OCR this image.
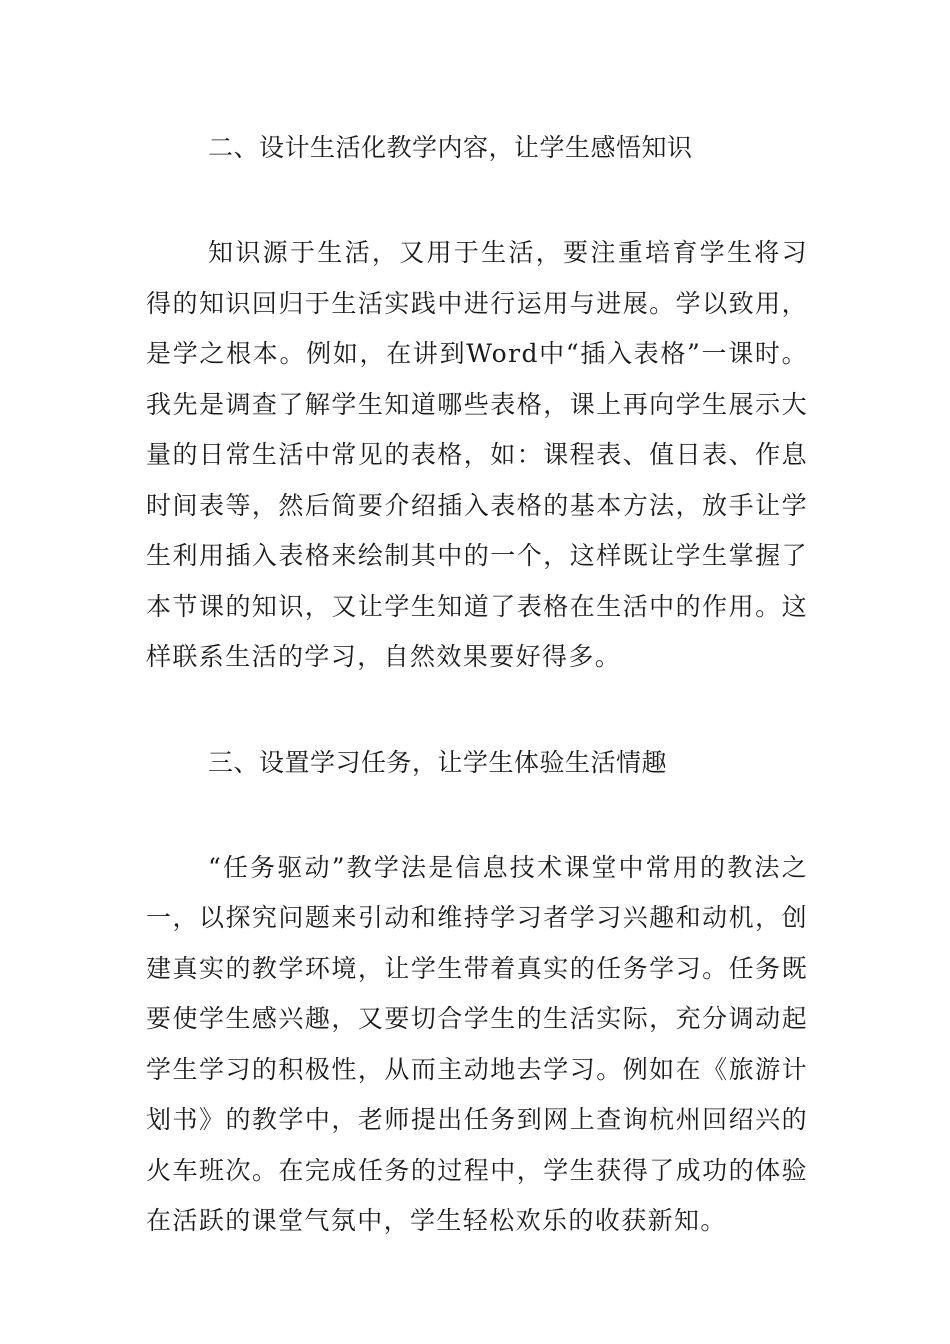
二、设计生活化教学内容，让学生感悟知识

知识源于生活，又用于生活，要注重培育学生将习得的知识回归于生活实践中进行运用与进展。学以致用，是学之根本。例如，在讲到Word中“插入表格”一课时。我先是调查了解学生知道哪些表格，课上再向学生展示大量的日常生活中常见的表格，如：课程表、值日表、作息时间表等，然后简要介绍插入表格的基本方法，放手让学生利用插入表格来绘制其中的一个，这样既让学生掌握了本节课的知识，又让学生知道了表格在生活中的作用。这样联系生活的学习，自然效果要好得多。

三、设置学习任务，让学生体验生活情趣

“任务驱动”教学法是信息技术课堂中常用的教法之一，以探究问题来引动和维持学习者学习兴趣和动机，创建真实的教学环境，让学生带着真实的任务学习。任务既要使学生感兴趣，又要切合学生的生活实际，充分调动起学生学习的积极性，从而主动地去学习。例如在《旅游计划书》的教学中，老师提出任务到网上查询杭州回绍兴的火车班次。在完成任务的过程中，学生获得了成功的体验在活跃的课堂气氛中，学生轻松欢乐的收获新知。
